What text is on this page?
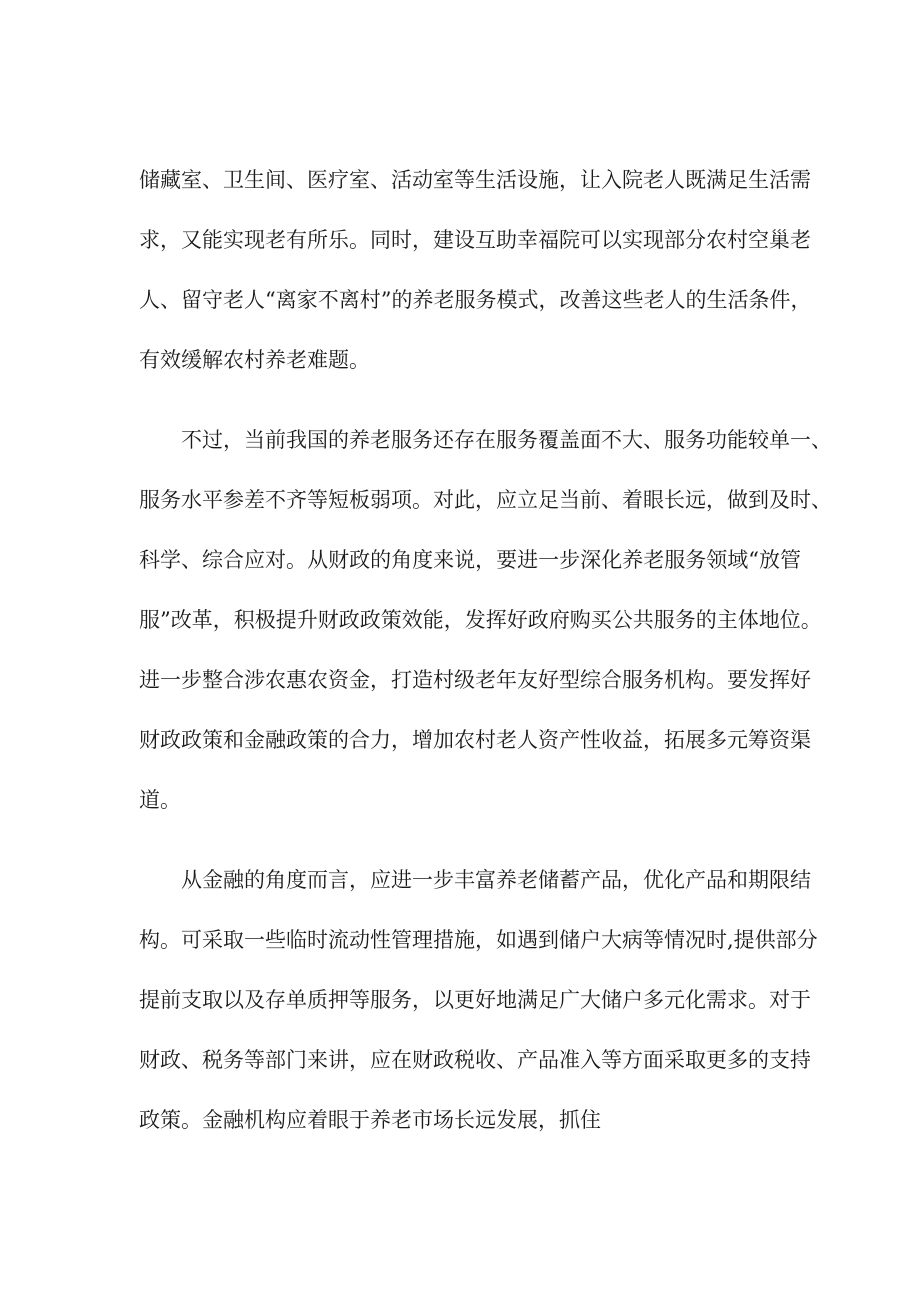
储藏室、卫生间、医疗室、活动室等生活设施，让入院老人既满足生活需
求，又能实现老有所乐。同时，建设互助幸福院可以实现部分农村空巢老
人、留守老人“离家不离村”的养老服务模式，改善这些老人的生活条件，
有效缓解农村养老难题。
不过，当前我国的养老服务还存在服务覆盖面不大、服务功能较单一、
服务水平参差不齐等短板弱项。对此，应立足当前、着眼长远，做到及时、
科学、综合应对。从财政的角度来说，要进一步深化养老服务领域“放管
服”改革，积极提升财政政策效能，发挥好政府购买公共服务的主体地位。
进一步整合涉农惠农资金，打造村级老年友好型综合服务机构。要发挥好
财政政策和金融政策的合力，增加农村老人资产性收益，拓展多元筹资渠
道。
从金融的角度而言，应进一步丰富养老储蓄产品，优化产品和期限结
构。可采取一些临时流动性管理措施，如遇到储户大病等情况时,提供部分
提前支取以及存单质押等服务，以更好地满足广大储户多元化需求。对于
财政、税务等部门来讲，应在财政税收、产品准入等方面采取更多的支持
政策。金融机构应着眼于养老市场长远发展，抓住
